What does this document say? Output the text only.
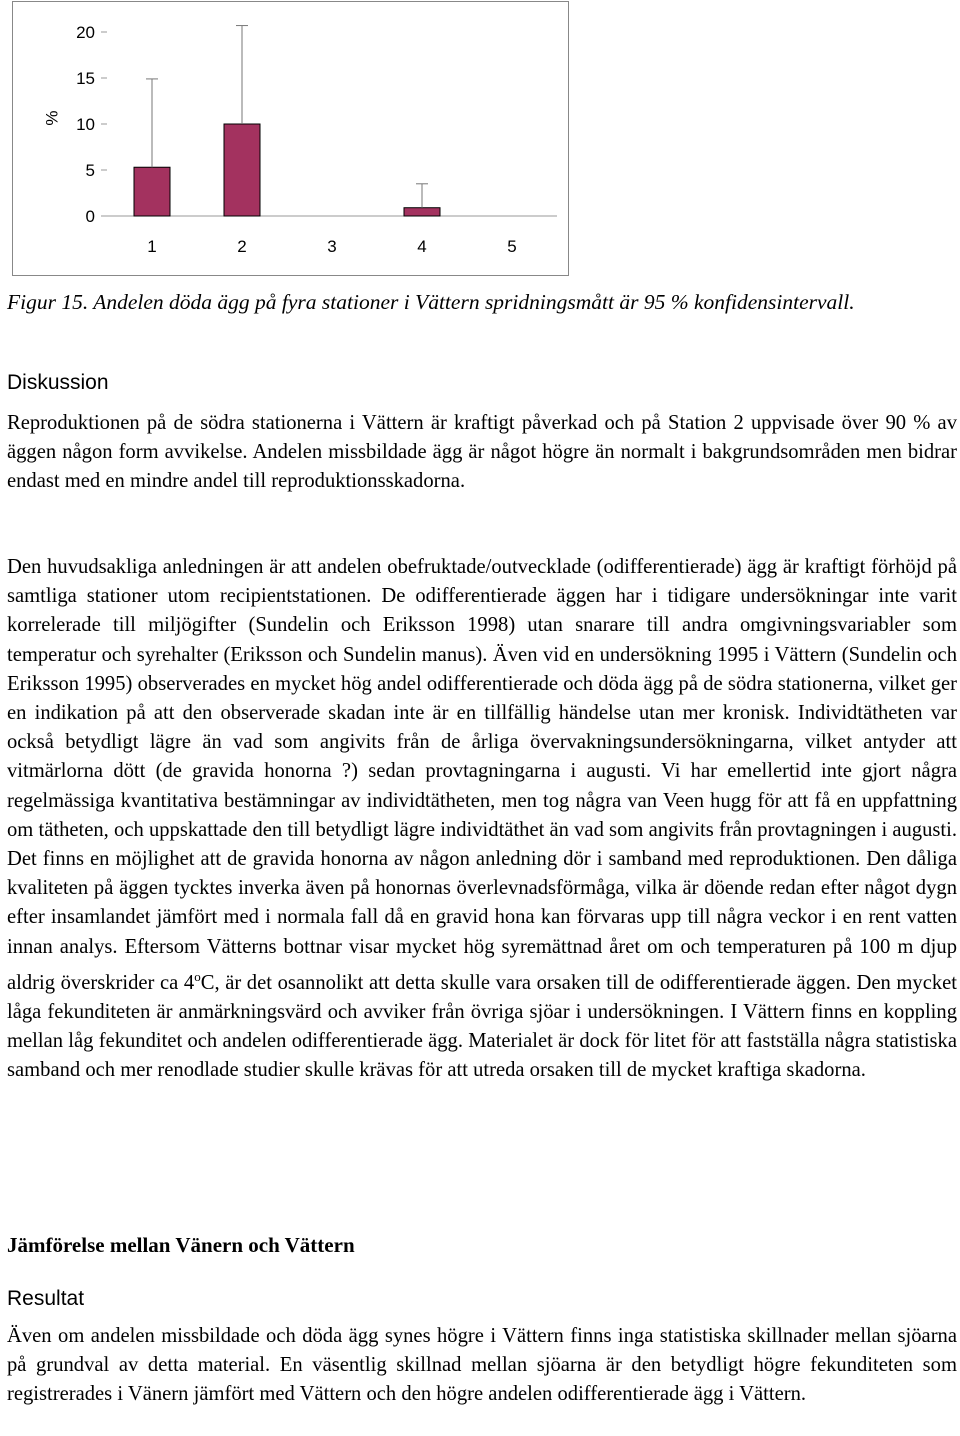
0
5
10
15
20
1	2	3	4	5
%
Figur 15. Andelen döda ägg på fyra stationer i Vättern spridningsmått är 95 % konfidensintervall.
Diskussion
Reproduktionen på de södra stationerna i Vättern är kraftigt påverkad och på Station 2 uppvisade över 90 % av äggen någon form avvikelse. Andelen missbildade ägg är något högre än normalt i bakgrundsområden men bidrar endast med en mindre andel till reproduktionsskadorna.

Den huvudsakliga anledningen är att andelen obefruktade/outvecklade (odifferentierade) ägg är kraftigt förhöjd på samtliga stationer utom recipientstationen. De odifferentierade äggen har i tidigare undersökningar inte varit korrelerade till miljögifter (Sundelin och Eriksson 1998) utan snarare till andra omgivningsvariabler som temperatur och syrehalter (Eriksson och Sundelin manus). Även vid en undersökning 1995 i Vättern (Sundelin och Eriksson 1995) observerades en mycket hög andel odifferentierade och döda ägg på de södra stationerna, vilket ger en indikation på att den observerade skadan inte är en tillfällig händelse utan mer kronisk. Individtätheten var också betydligt lägre än vad som angivits från de årliga övervakningsundersökningarna, vilket antyder att vitmärlorna dött (de gravida honorna ?) sedan provtagningarna i augusti. Vi har emellertid inte gjort några regelmässiga kvantitativa bestämningar av individtätheten, men tog några van Veen hugg för att få en uppfattning om tätheten, och uppskattade den till betydligt lägre individtäthet än vad som angivits från provtagningen i augusti. Det finns en möjlighet att de gravida honorna av någon anledning dör i samband med reproduktionen. Den dåliga kvaliteten på äggen tycktes inverka även på honornas överlevnadsförmåga, vilka är döende redan efter något dygn efter insamlandet jämfört med i normala fall då en gravid hona kan förvaras upp till några veckor i en rent vatten innan analys. Eftersom Vätterns bottnar visar mycket hög syremättnad året om och temperaturen på 100 m djup aldrig överskrider ca 4$^o$C, är det osannolikt att detta skulle vara orsaken till de odifferentierade äggen. Den mycket låga fekunditeten är anmärkningsvärd och avviker från övriga sjöar i undersökningen. I Vättern finns en koppling mellan låg fekunditet och andelen odifferentierade ägg. Materialet är dock för litet för att fastställa några statistiska samband och mer renodlade studier skulle krävas för att utreda orsaken till de mycket kraftiga skadorna.

Jämförelse mellan Vänern och Vättern
Resultat
Även om andelen missbildade och döda ägg synes högre i Vättern finns inga statistiska skillnader mellan sjöarna på grundval av detta material. En väsentlig skillnad mellan sjöarna är den betydligt högre fekunditeten som registrerades i Vänern jämfört med Vättern och den högre andelen odifferentierade ägg i Vättern.
